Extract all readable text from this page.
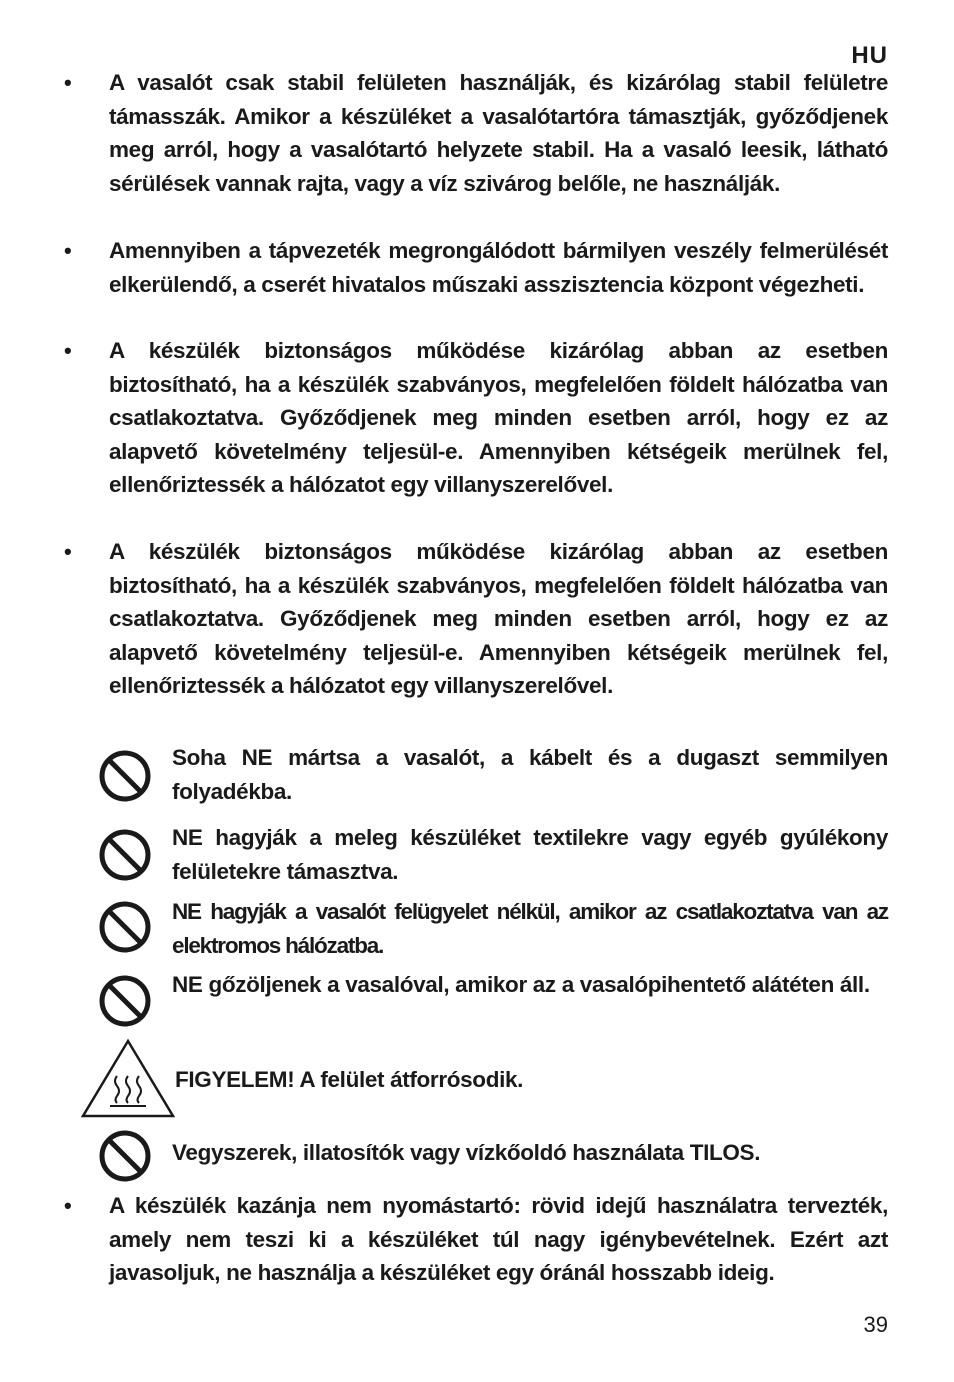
HU
• A vasalót csak stabil felületen használják, és kizárólag stabil felületre támasszák. Amikor a készüléket a vasalótartóra támasztják, győződjenek meg arról, hogy a vasalótartó helyzete stabil. Ha a vasaló leesik, látható sérülések vannak rajta, vagy a víz szivárog belőle, ne használják.
• Amennyiben a tápvezeték megrongálódott bármilyen veszély felmerülését elkerülendő, a cserét hivatalos műszaki asszisztencia központ végezheti.
• A készülék biztonságos működése kizárólag abban az esetben biztosítható, ha a készülék szabványos, megfelelően földelt hálózatba van csatlakoztatva. Győződjenek meg minden esetben arról, hogy ez az alapvető követelmény teljesül-e. Amennyiben kétségeik merülnek fel, ellenőriztessék a hálózatot egy villanyszerelővel.
• A készülék biztonságos működése kizárólag abban az esetben biztosítható, ha a készülék szabványos, megfelelően földelt hálózatba van csatlakoztatva. Győződjenek meg minden esetben arról, hogy ez az alapvető követelmény teljesül-e. Amennyiben kétségeik merülnek fel, ellenőriztessék a hálózatot egy villanyszerelővel.
Soha NE mártsa a vasalót, a kábelt és a dugaszt semmilyen folyadékba.
NE hagyják a meleg készüléket textilekre vagy egyéb gyúlékony felületekre támasztva.
NE hagyják a vasalót felügyelet nélkül, amikor az csatlakoztatva van az elektromos hálózatba.
NE gőzöljenek a vasalóval, amikor az a vasalópihentető alátéten áll.
FIGYELEM! A felület átforrósodik.
Vegyszerek, illatosítók vagy vízkőoldó használata TILOS.
• A készülék kazánja nem nyomástartó: rövid idejű használatra tervezték, amely nem teszi ki a készüléket túl nagy igénybevételnek. Ezért azt javasoljuk, ne használja a készüléket egy óránál hosszabb ideig.
39
